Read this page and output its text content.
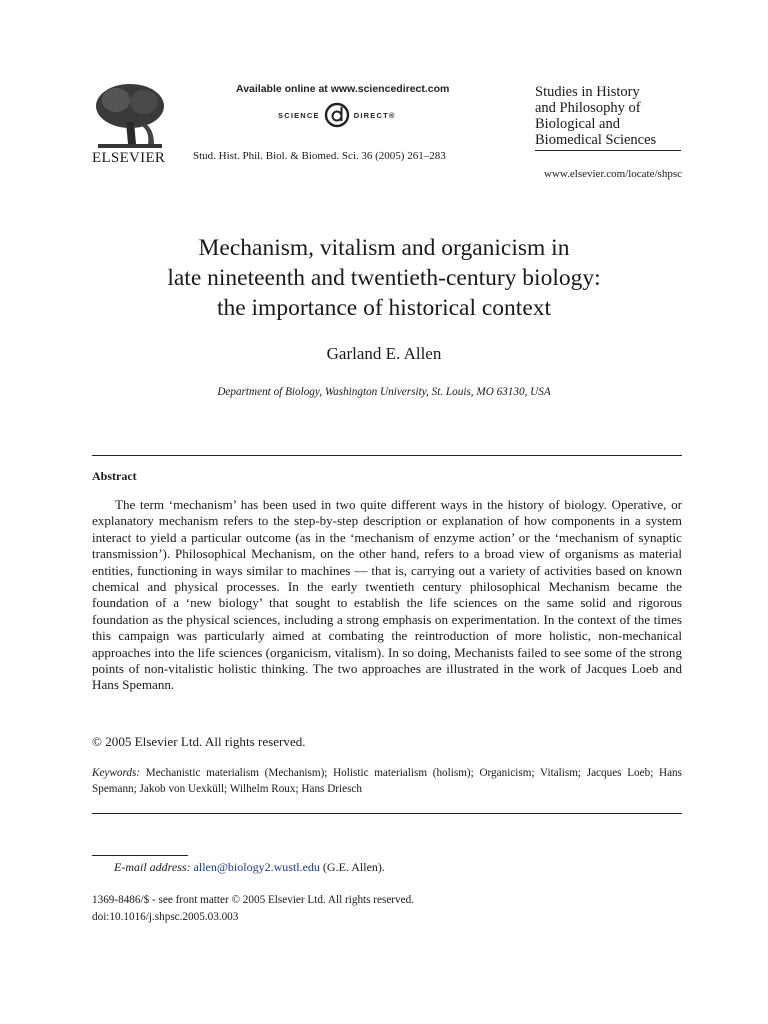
ELSEVIER
Available online at www.sciencedirect.com
SCIENCE	DIRECT®
Stud. Hist. Phil. Biol. & Biomed. Sci. 36 (2005) 261–283
Studies in History
and Philosophy of
Biological and
Biomedical Sciences
www.elsevier.com/locate/shpsc
Mechanism, vitalism and organicism in
late nineteenth and twentieth-century biology:
the importance of historical context
Garland E. Allen
Department of Biology, Washington University, St. Louis, MO 63130, USA
Abstract

The term ‘mechanism’ has been used in two quite different ways in the history of biology. Operative, or explanatory mechanism refers to the step-by-step description or explanation of how components in a system interact to yield a particular outcome (as in the ‘mechanism of enzyme action’ or the ‘mechanism of synaptic transmission’). Philosophical Mechanism, on the other hand, refers to a broad view of organisms as material entities, functioning in ways similar to machines — that is, carrying out a variety of activities based on known chemical and physical processes. In the early twentieth century philosophical Mechanism became the foundation of a ‘new biology’ that sought to establish the life sciences on the same solid and rigorous foundation as the physical sciences, including a strong emphasis on experimentation. In the context of the times this campaign was particularly aimed at combating the reintroduction of more holistic, non-mechanical approaches into the life sciences (organicism, vitalism). In so doing, Mechanists failed to see some of the strong points of non-vitalistic holistic thinking. The two approaches are illustrated in the work of Jacques Loeb and Hans Spemann.

© 2005 Elsevier Ltd. All rights reserved.
Keywords: Mechanistic materialism (Mechanism); Holistic materialism (holism); Organicism; Vitalism; Jacques Loeb; Hans Spemann; Jakob von Uexküll; Wilhelm Roux; Hans Driesch
E-mail address: allen@biology2.wustl.edu (G.E. Allen).
1369-8486/$ - see front matter © 2005 Elsevier Ltd. All rights reserved.
doi:10.1016/j.shpsc.2005.03.003
